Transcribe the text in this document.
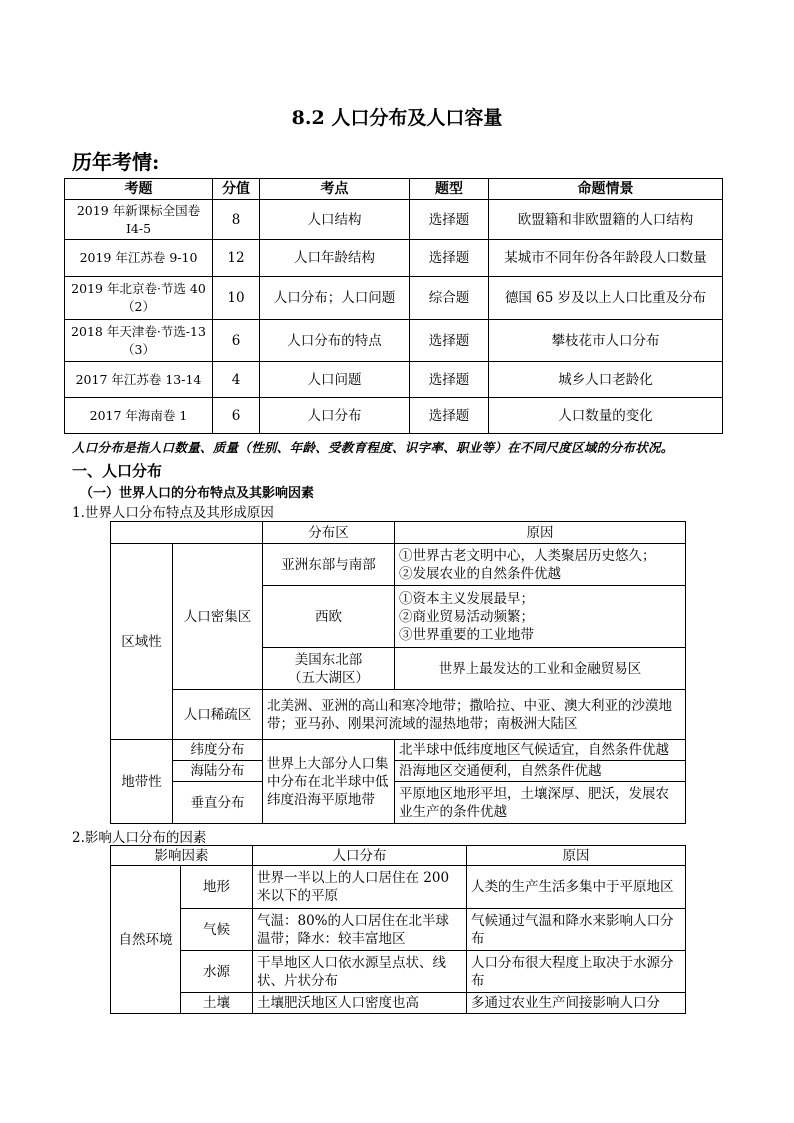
8.2 人口分布及人口容量
历年考情:
考题	分值	考点	题型	命题情景
2019 年新课标全国卷Ⅰ4-5	8	人口结构	选择题	欧盟籍和非欧盟籍的人口结构
2019 年江苏卷 9-10	12	人口年龄结构	选择题	某城市不同年份各年龄段人口数量
2019 年北京卷·节选 40（2）	10	人口分布；人口问题	综合题	德国 65 岁及以上人口比重及分布
2018 年天津卷·节选-13（3）	6	人口分布的特点	选择题	攀枝花市人口分布
2017 年江苏卷 13-14	4	人口问题	选择题	城乡人口老龄化
2017 年海南卷 1	6	人口分布	选择题	人口数量的变化
人口分布是指人口数量、质量（性别、年龄、受教育程度、识字率、职业等）在不同尺度区域的分布状况。
一、人口分布
（一）世界人口的分布特点及其影响因素
1.世界人口分布特点及其形成原因
		分布区	原因
区域性	人口密集区	亚洲东部与南部	①世界古老文明中心，人类聚居历史悠久；
②发展农业的自然条件优越

		西欧	①资本主义发展最早；
②商业贸易活动频繁；
③世界重要的工业地带

		美国东北部
（五大湖区）	世界上最发达的工业和金融贸易区
	人口稀疏区	北美洲、亚洲的高山和寒冷地带；撒哈拉、中亚、澳大利亚的沙漠地带；亚马孙、刚果河流域的湿热地带；南极洲大陆区	
地带性	纬度分布	世界上大部分人口集中分布在北半球中低纬度沿海平原地带	北半球中低纬度地区气候适宜，自然条件优越
	海陆分布		沿海地区交通便利，自然条件优越
	垂直分布		平原地区地形平坦，土壤深厚、肥沃，发展农业生产的条件优越
2.影响人口分布的因素
影响因素		人口分布	原因
自然环境	地形	世界一半以上的人口居住在 200 米以下的平原	人类的生产生活多集中于平原地区
	气候	气温：80%的人口居住在北半球温带；降水：较丰富地区	气候通过气温和降水来影响人口分布
	水源	干旱地区人口依水源呈点状、线状、片状分布	人口分布很大程度上取决于水源分布
	土壤	土壤肥沃地区人口密度也高	多通过农业生产间接影响人口分
